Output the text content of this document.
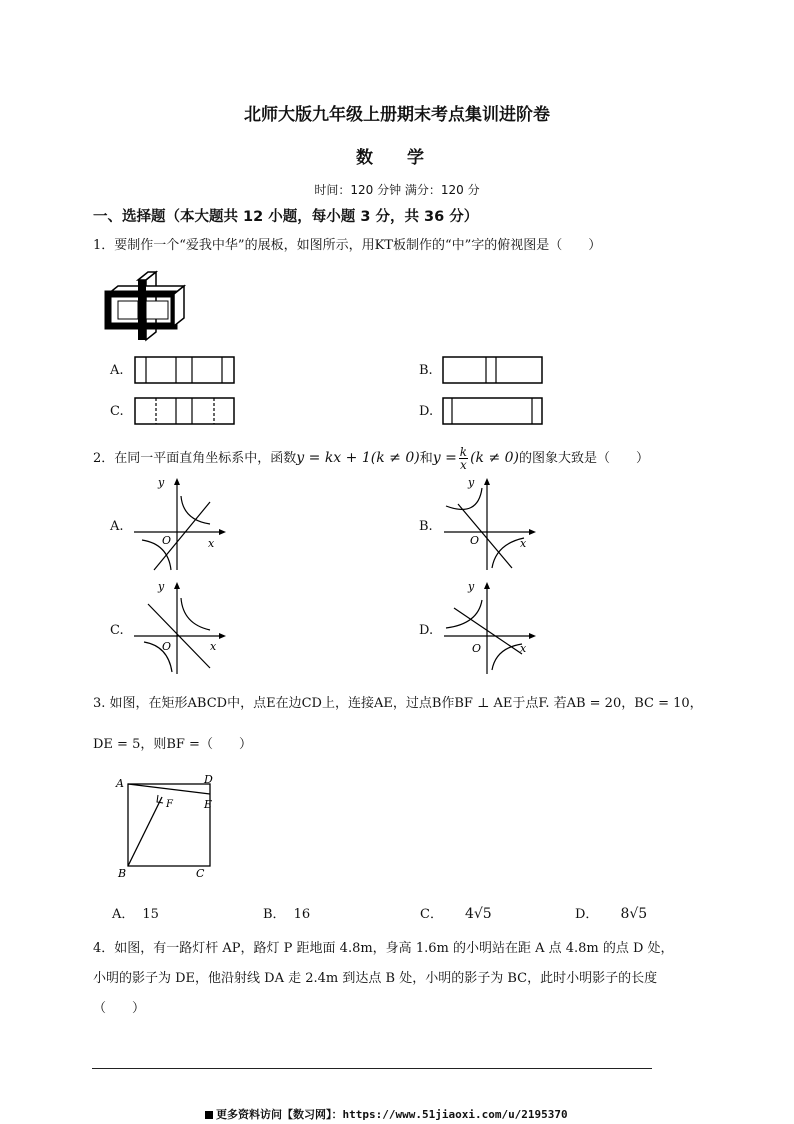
北师大版九年级上册期末考点集训进阶卷
数 学
时间：120 分钟 满分：120 分
一、选择题（本大题共 12 小题，每小题 3 分，共 36 分）
1．要制作一个“爱我中华”的展板，如图所示，用KT板制作的“中”字的俯视图是（　　）
A.	B.
C.	D.
2．在同一平面直角坐标系中，函数y = kx + 1(k ≠ 0)和$y = \frac{k}{x} (k \ne 0)$的图象大致是（　　）
A.
y
x
O
B.
y
x
O
C.
y
x
O
D.
y
x
O
3. 如图，在矩形ABCD中，点E在边CD上，连接AE，过点B作BF ⊥ AE于点F. 若AB = 20，BC = 10，
DE = 5，则BF =（　　）
A	D
E
F
B	C
A． 15	B． 16	C． 4√5	D． 8√5
4．如图，有一路灯杆 AP，路灯 P 距地面 4.8m，身高 1.6m 的小明站在距 A 点 4.8m 的点 D 处，
小明的影子为 DE，他沿射线 DA 走 2.4m 到达点 B 处，小明的影子为 BC，此时小明影子的长度
（　　）
更多资料访问【数习网】：https://www.51jiaoxi.com/u/2195370
